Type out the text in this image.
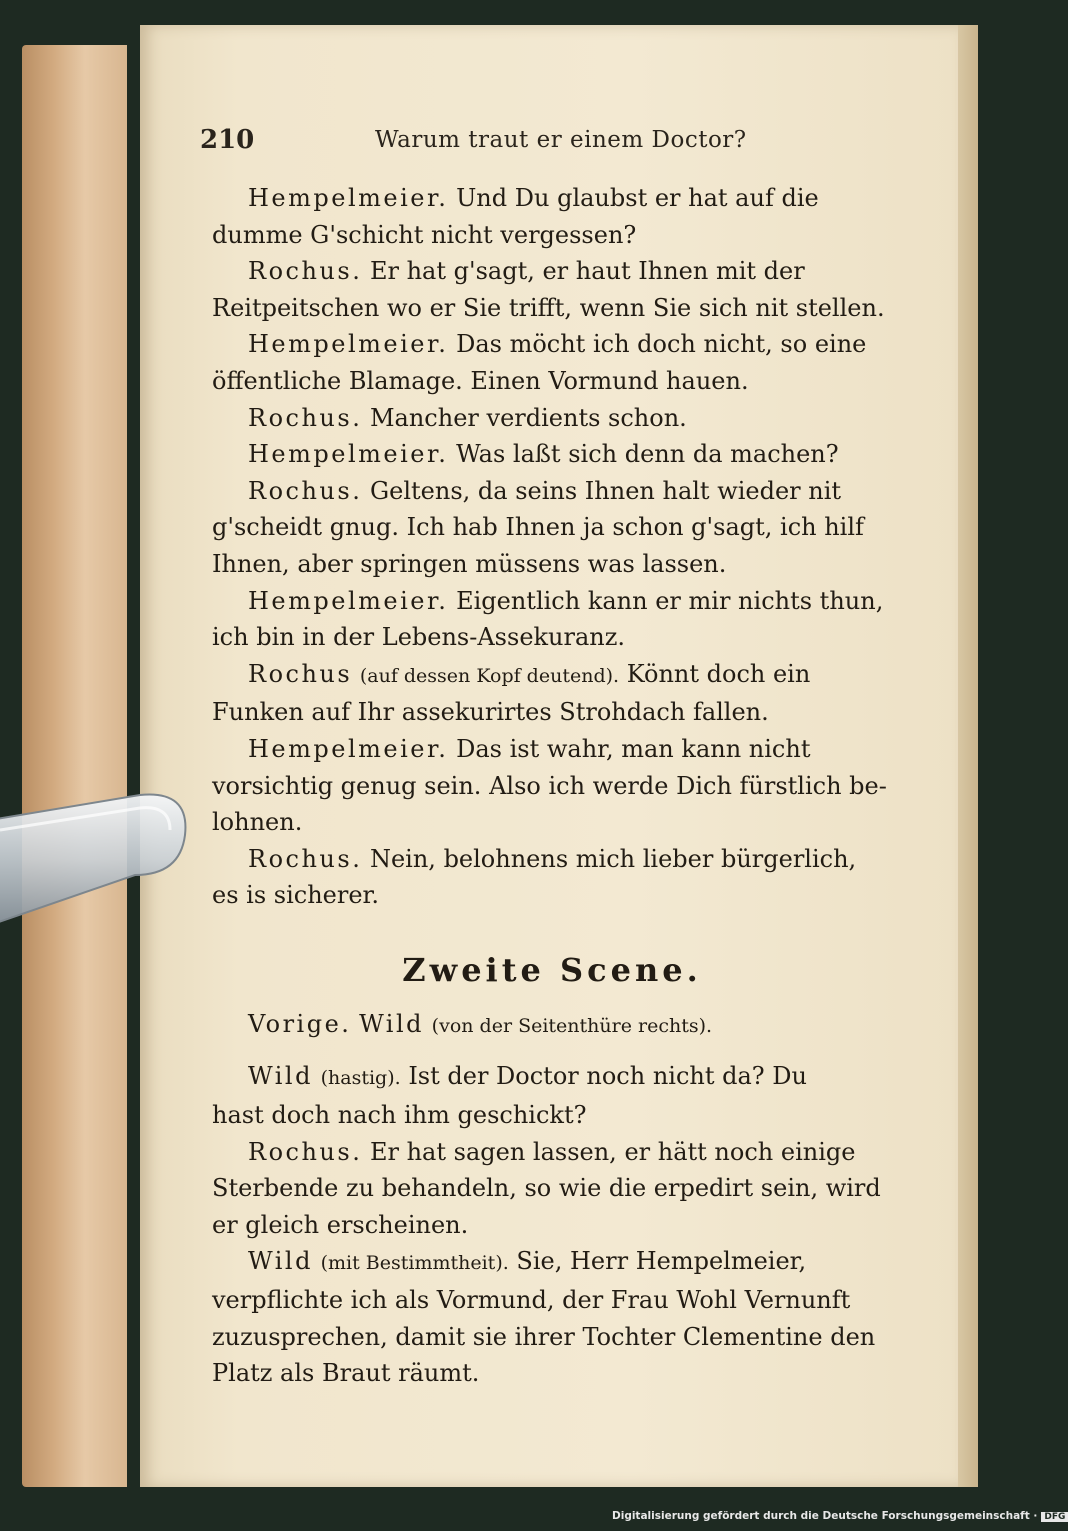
210	Warum traut er einem Doctor?

Hempelmeier. Und Du glaubst er hat auf die
dumme G'schicht nicht vergessen?

Rochus. Er hat g'sagt, er haut Ihnen mit der
Reitpeitschen wo er Sie trifft, wenn Sie sich nit stellen.

Hempelmeier. Das möcht ich doch nicht, so eine
öffentliche Blamage. Einen Vormund hauen.

Rochus. Mancher verdients schon.

Hempelmeier. Was laßt sich denn da machen?

Rochus. Geltens, da seins Ihnen halt wieder nit
g'scheidt gnug. Ich hab Ihnen ja schon g'sagt, ich hilf
Ihnen, aber springen müssens was lassen.

Hempelmeier. Eigentlich kann er mir nichts thun,
ich bin in der Lebens-Assekuranz.

Rochus (auf dessen Kopf deutend). Könnt doch ein
Funken auf Ihr assekurirtes Strohdach fallen.

Hempelmeier. Das ist wahr, man kann nicht
vorsichtig genug sein. Also ich werde Dich fürstlich be-
lohnen.

Rochus. Nein, belohnens mich lieber bürgerlich,
es is sicherer.

Zweite Scene.

Vorige. Wild (von der Seitenthüre rechts).

Wild (hastig). Ist der Doctor noch nicht da? Du
hast doch nach ihm geschickt?

Rochus. Er hat sagen lassen, er hätt noch einige
Sterbende zu behandeln, so wie die erpedirt sein, wird
er gleich erscheinen.

Wild (mit Bestimmtheit). Sie, Herr Hempelmeier,
verpflichte ich als Vormund, der Frau Wohl Vernunft
zuzusprechen, damit sie ihrer Tochter Clementine den
Platz als Braut räumt.

Digitalisierung gefördert durch die Deutsche Forschungsgemeinschaft · DFG
